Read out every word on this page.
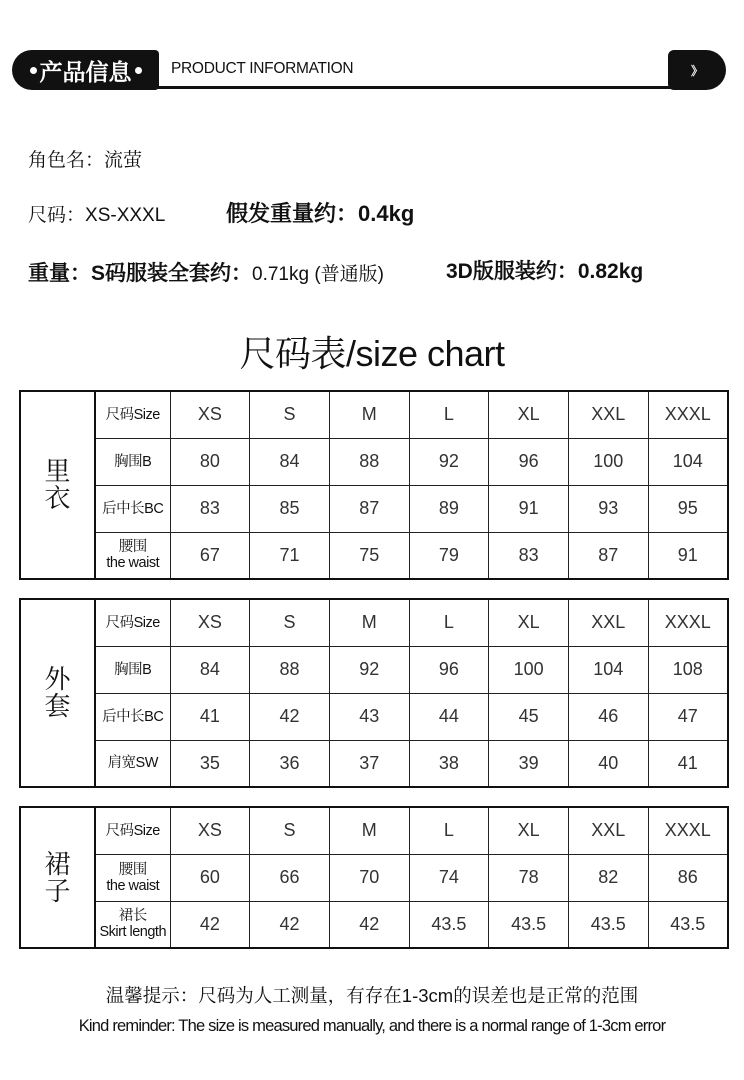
产品信息	PRODUCT INFORMATION	》
角色名：流萤
尺码：XS-XXXL	假发重量约：0.4kg
重量：S码服装全套约：0.71kg (普通版)	3D版服装约：0.82kg
尺码表/size chart
里
衣	尺码Size	XS	S	M	L	XL	XXL	XXXL

	胸围B	80	84	88	92	96	100	104

	后中长BC	83	85	87	89	91	93	95

	腰围
the waist	67	71	75	79	83	87	91
外
套	尺码Size	XS	S	M	L	XL	XXL	XXXL

	胸围B	84	88	92	96	100	104	108

	后中长BC	41	42	43	44	45	46	47

	肩宽SW	35	36	37	38	39	40	41
裙
子	尺码Size	XS	S	M	L	XL	XXL	XXXL

	腰围
the waist	60	66	70	74	78	82	86

	裙长
Skirt length	42	42	42	43.5	43.5	43.5	43.5
温馨提示：尺码为人工测量，有存在1-3cm的误差也是正常的范围
Kind reminder: The size is measured manually, and there is a normal range of 1-3cm error
